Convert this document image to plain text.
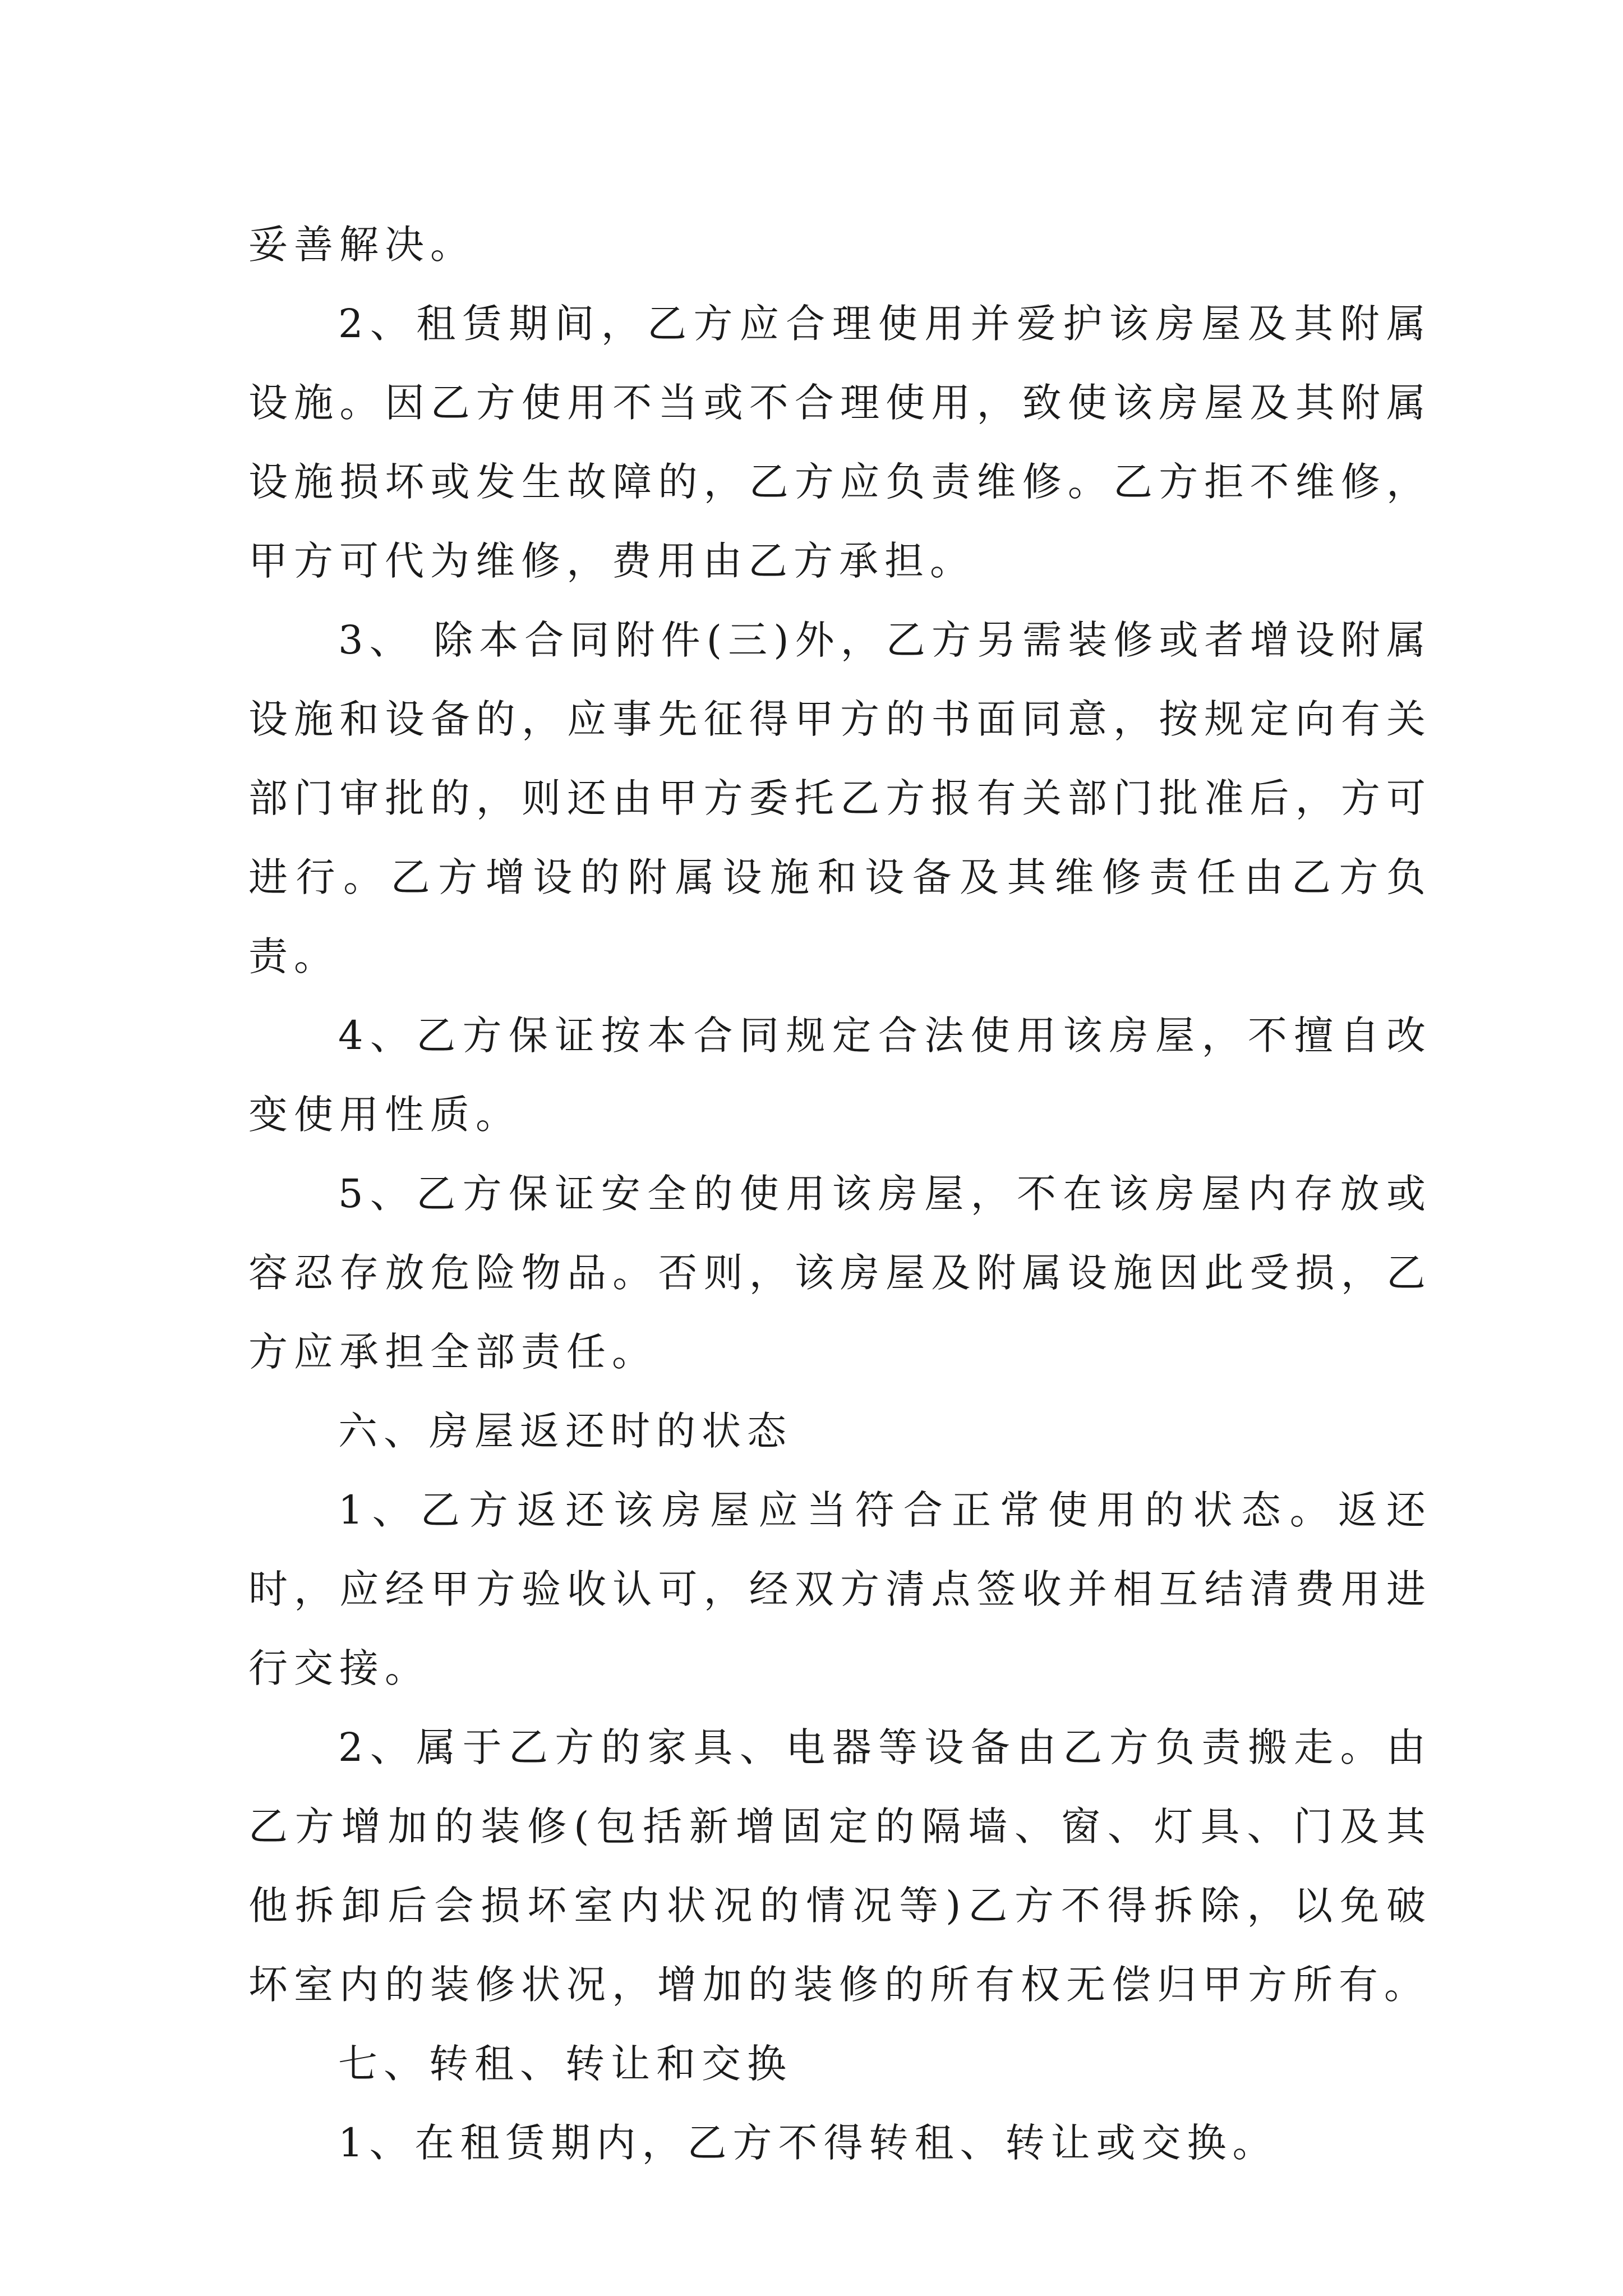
妥善解决。

2、租赁期间，乙方应合理使用并爱护该房屋及其附属设施。因乙方使用不当或不合理使用，致使该房屋及其附属设施损坏或发生故障的，乙方应负责维修。乙方拒不维修，甲方可代为维修，费用由乙方承担。

3、 除本合同附件(三)外，乙方另需装修或者增设附属设施和设备的，应事先征得甲方的书面同意，按规定向有关部门审批的，则还由甲方委托乙方报有关部门批准后，方可进行。乙方增设的附属设施和设备及其维修责任由乙方负责。

4、乙方保证按本合同规定合法使用该房屋，不擅自改变使用性质。

5、乙方保证安全的使用该房屋，不在该房屋内存放或容忍存放危险物品。否则，该房屋及附属设施因此受损，乙方应承担全部责任。

六、房屋返还时的状态

1、乙方返还该房屋应当符合正常使用的状态。返还时，应经甲方验收认可，经双方清点签收并相互结清费用进行交接。

2、属于乙方的家具、电器等设备由乙方负责搬走。由乙方增加的装修(包括新增固定的隔墙、窗、灯具、门及其他拆卸后会损坏室内状况的情况等)乙方不得拆除，以免破坏室内的装修状况，增加的装修的所有权无偿归甲方所有。

七、转租、转让和交换

1、在租赁期内，乙方不得转租、转让或交换。
